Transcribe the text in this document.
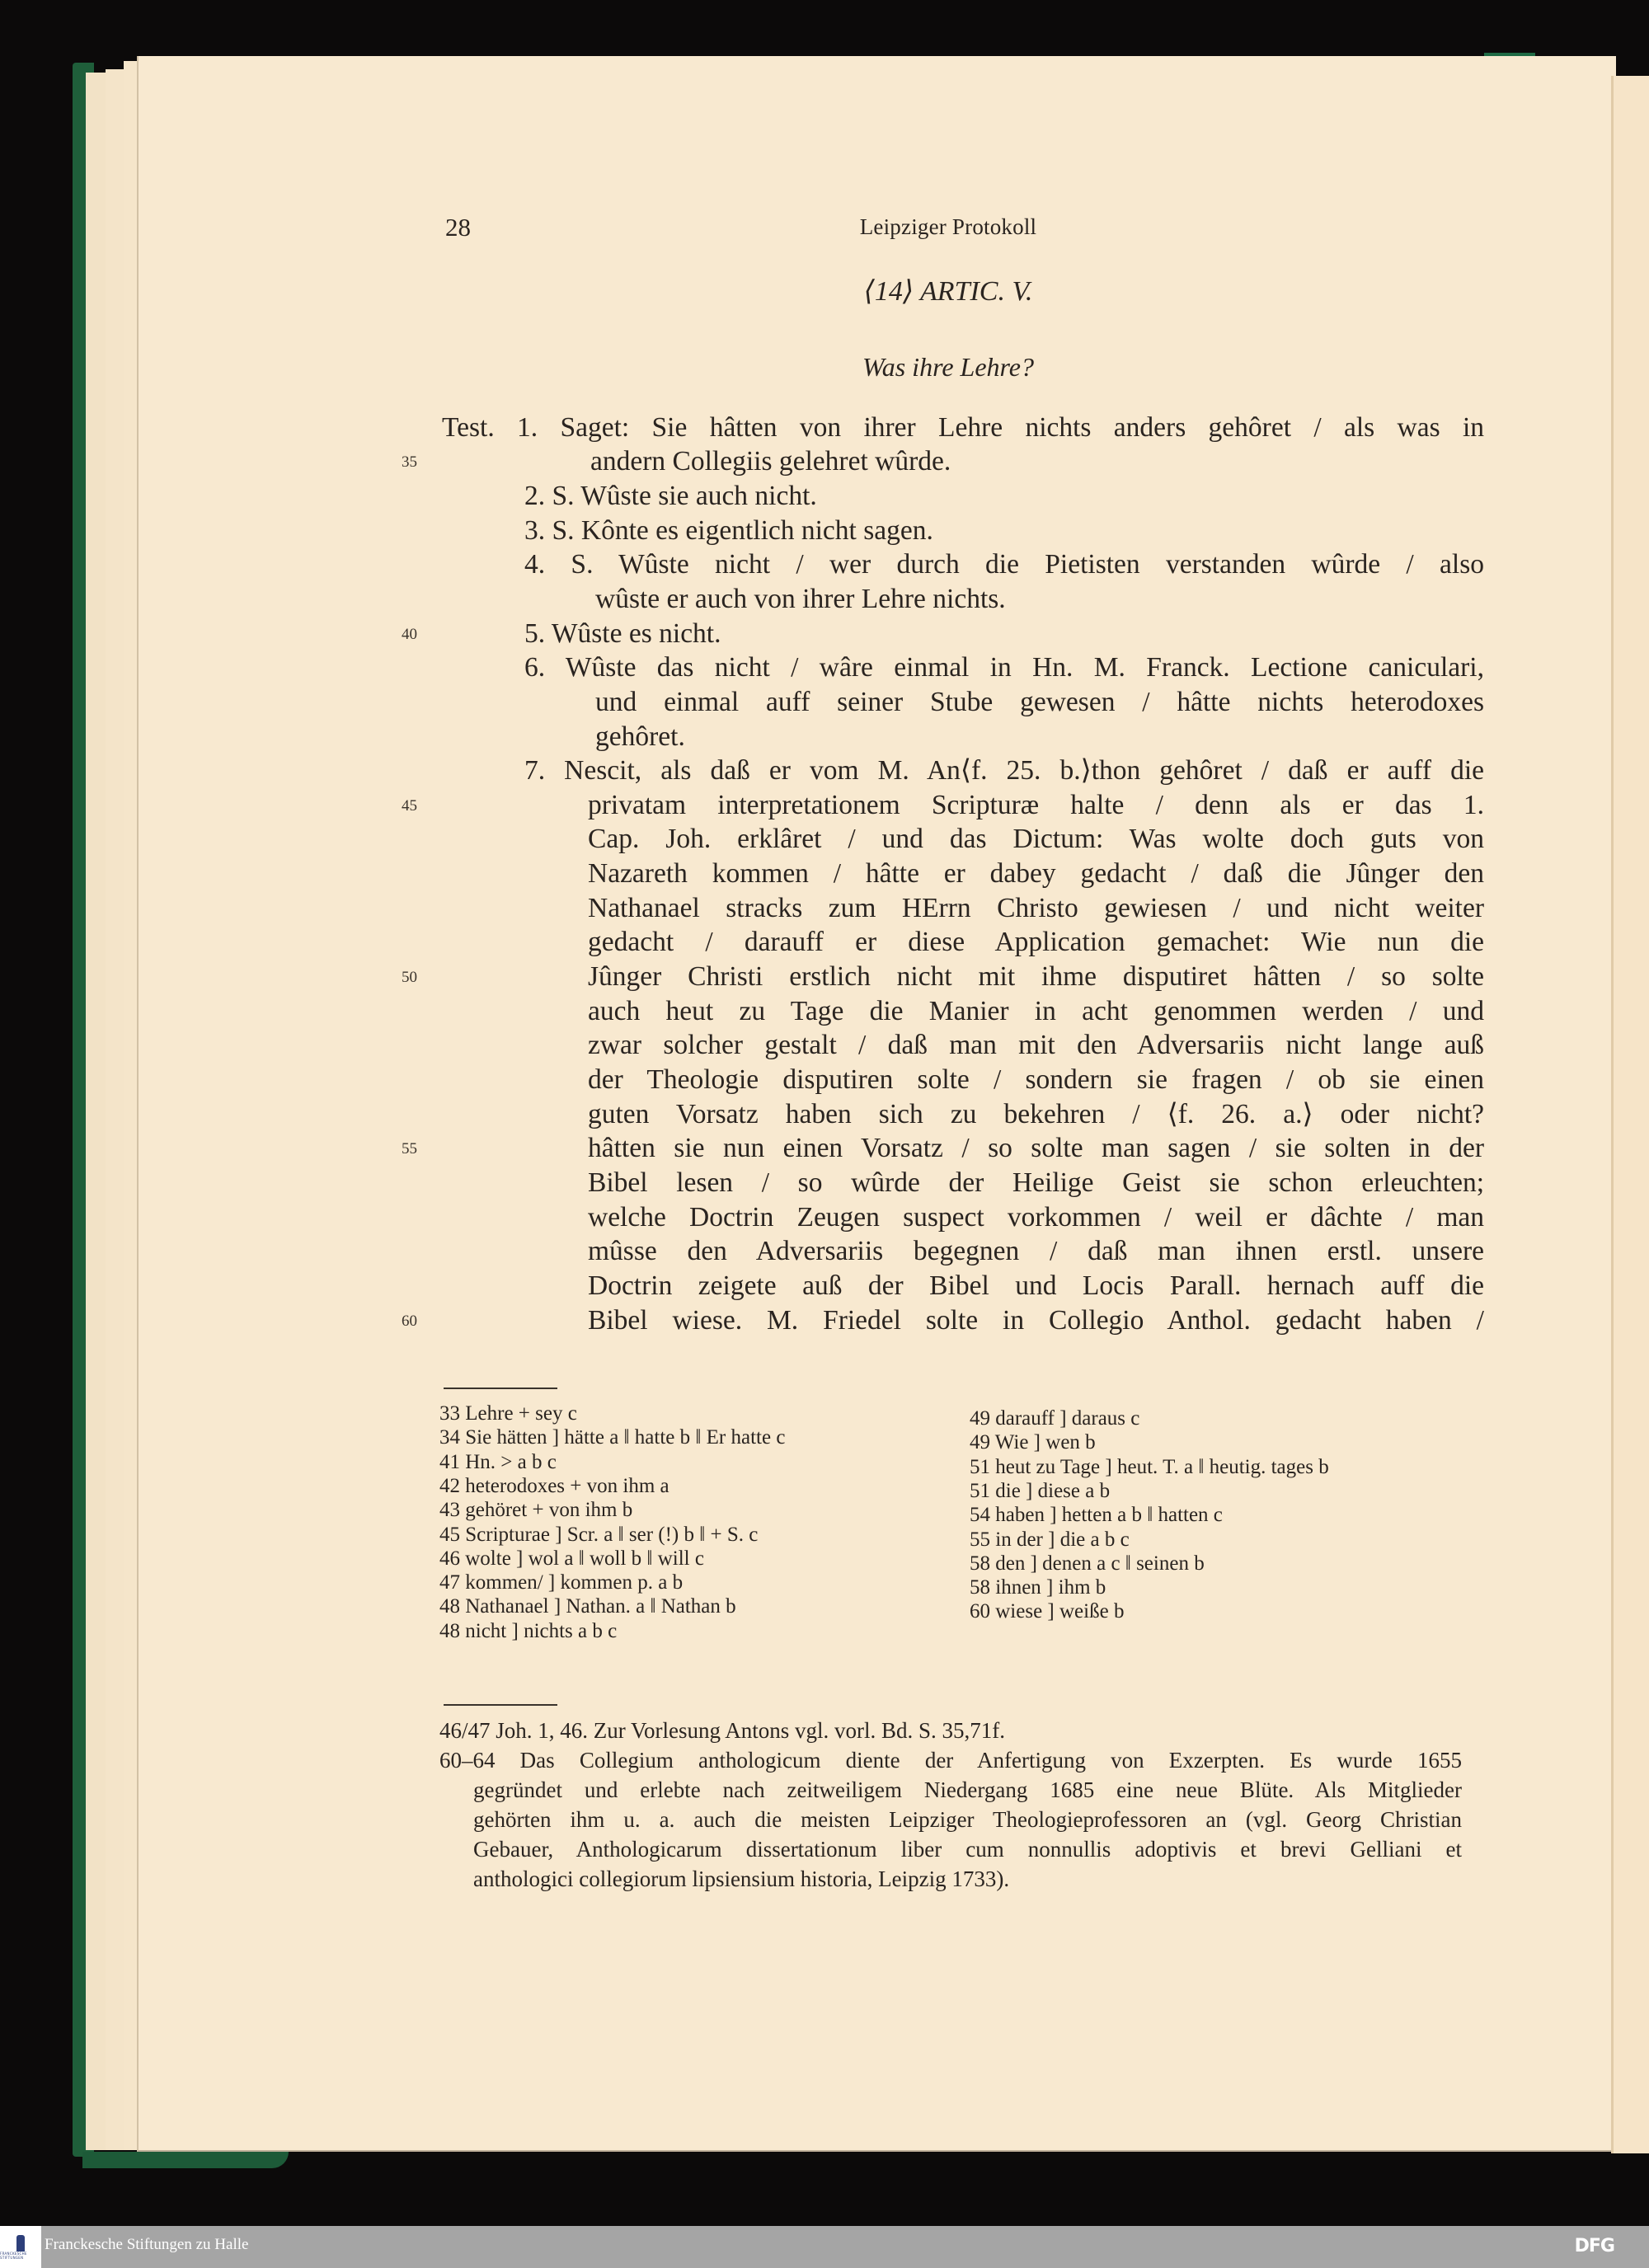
28	Leipziger Protokoll
⟨14⟩ ARTIC. V.
Was ihre Lehre?
Test. 1. Saget: Sie hâtten von ihrer Lehre nichts anders gehôret / als was in
andern Collegiis gelehret wûrde.
35
2. S. Wûste sie auch nicht.
3. S. Kônte es eigentlich nicht sagen.
4. S. Wûste nicht / wer durch die Pietisten verstanden wûrde / also
wûste er auch von ihrer Lehre nichts.
5. Wûste es nicht.
40
6. Wûste das nicht / wâre einmal in Hn. M. Franck. Lectione caniculari,
und einmal auff seiner Stube gewesen / hâtte nichts heterodoxes
gehôret.
7. Nescit, als daß er vom M. An⟨f. 25. b.⟩thon gehôret / daß er auff die
privatam interpretationem Scripturæ halte / denn als er das 1.
45
Cap. Joh. erklâret / und das Dictum: Was wolte doch guts von
Nazareth kommen / hâtte er dabey gedacht / daß die Jûnger den
Nathanael stracks zum HErrn Christo gewiesen / und nicht weiter
gedacht / darauff er diese Application gemachet: Wie nun die
Jûnger Christi erstlich nicht mit ihme disputiret hâtten / so solte
50
auch heut zu Tage die Manier in acht genommen werden / und
zwar solcher gestalt / daß man mit den Adversariis nicht lange auß
der Theologie disputiren solte / sondern sie fragen / ob sie einen
guten Vorsatz haben sich zu bekehren / ⟨f. 26. a.⟩ oder nicht?
hâtten sie nun einen Vorsatz / so solte man sagen / sie solten in der
55
Bibel lesen / so wûrde der Heilige Geist sie schon erleuchten;
welche Doctrin Zeugen suspect vorkommen / weil er dâchte / man
mûsse den Adversariis begegnen / daß man ihnen erstl. unsere
Doctrin zeigete auß der Bibel und Locis Parall. hernach auff die
Bibel wiese. M. Friedel solte in Collegio Anthol. gedacht haben /
60
33 Lehre + sey c
34 Sie hätten ] hätte a ‖ hatte b ‖ Er hatte c
41 Hn. > a b c
42 heterodoxes + von ihm a
43 gehöret + von ihm b
45 Scripturae ] Scr. a ‖ ser (!) b ‖ + S. c
46 wolte ] wol a ‖ woll b ‖ will c
47 kommen/ ] kommen p. a b
48 Nathanael ] Nathan. a ‖ Nathan b
48 nicht ] nichts a b c
49 darauff ] daraus c
49 Wie ] wen b
51 heut zu Tage ] heut. T. a ‖ heutig. tages b
51 die ] diese a b
54 haben ] hetten a b ‖ hatten c
55 in der ] die a b c
58 den ] denen a c ‖ seinen b
58 ihnen ] ihm b
60 wiese ] weiße b
46/47 Joh. 1, 46. Zur Vorlesung Antons vgl. vorl. Bd. S. 35,71f.
60–64 Das Collegium anthologicum diente der Anfertigung von Exzerpten. Es wurde 1655
gegründet und erlebte nach zeitweiligem Niedergang 1685 eine neue Blüte. Als Mitglieder
gehörten ihm u. a. auch die meisten Leipziger Theologieprofessoren an (vgl. Georg Christian
Gebauer, Anthologicarum dissertationum liber cum nonnullis adoptivis et brevi Gelliani et
anthologici collegiorum lipsiensium historia, Leipzig 1733).
FRANCKESCHE STIFTUNGEN
Franckesche Stiftungen zu Halle	DFG
